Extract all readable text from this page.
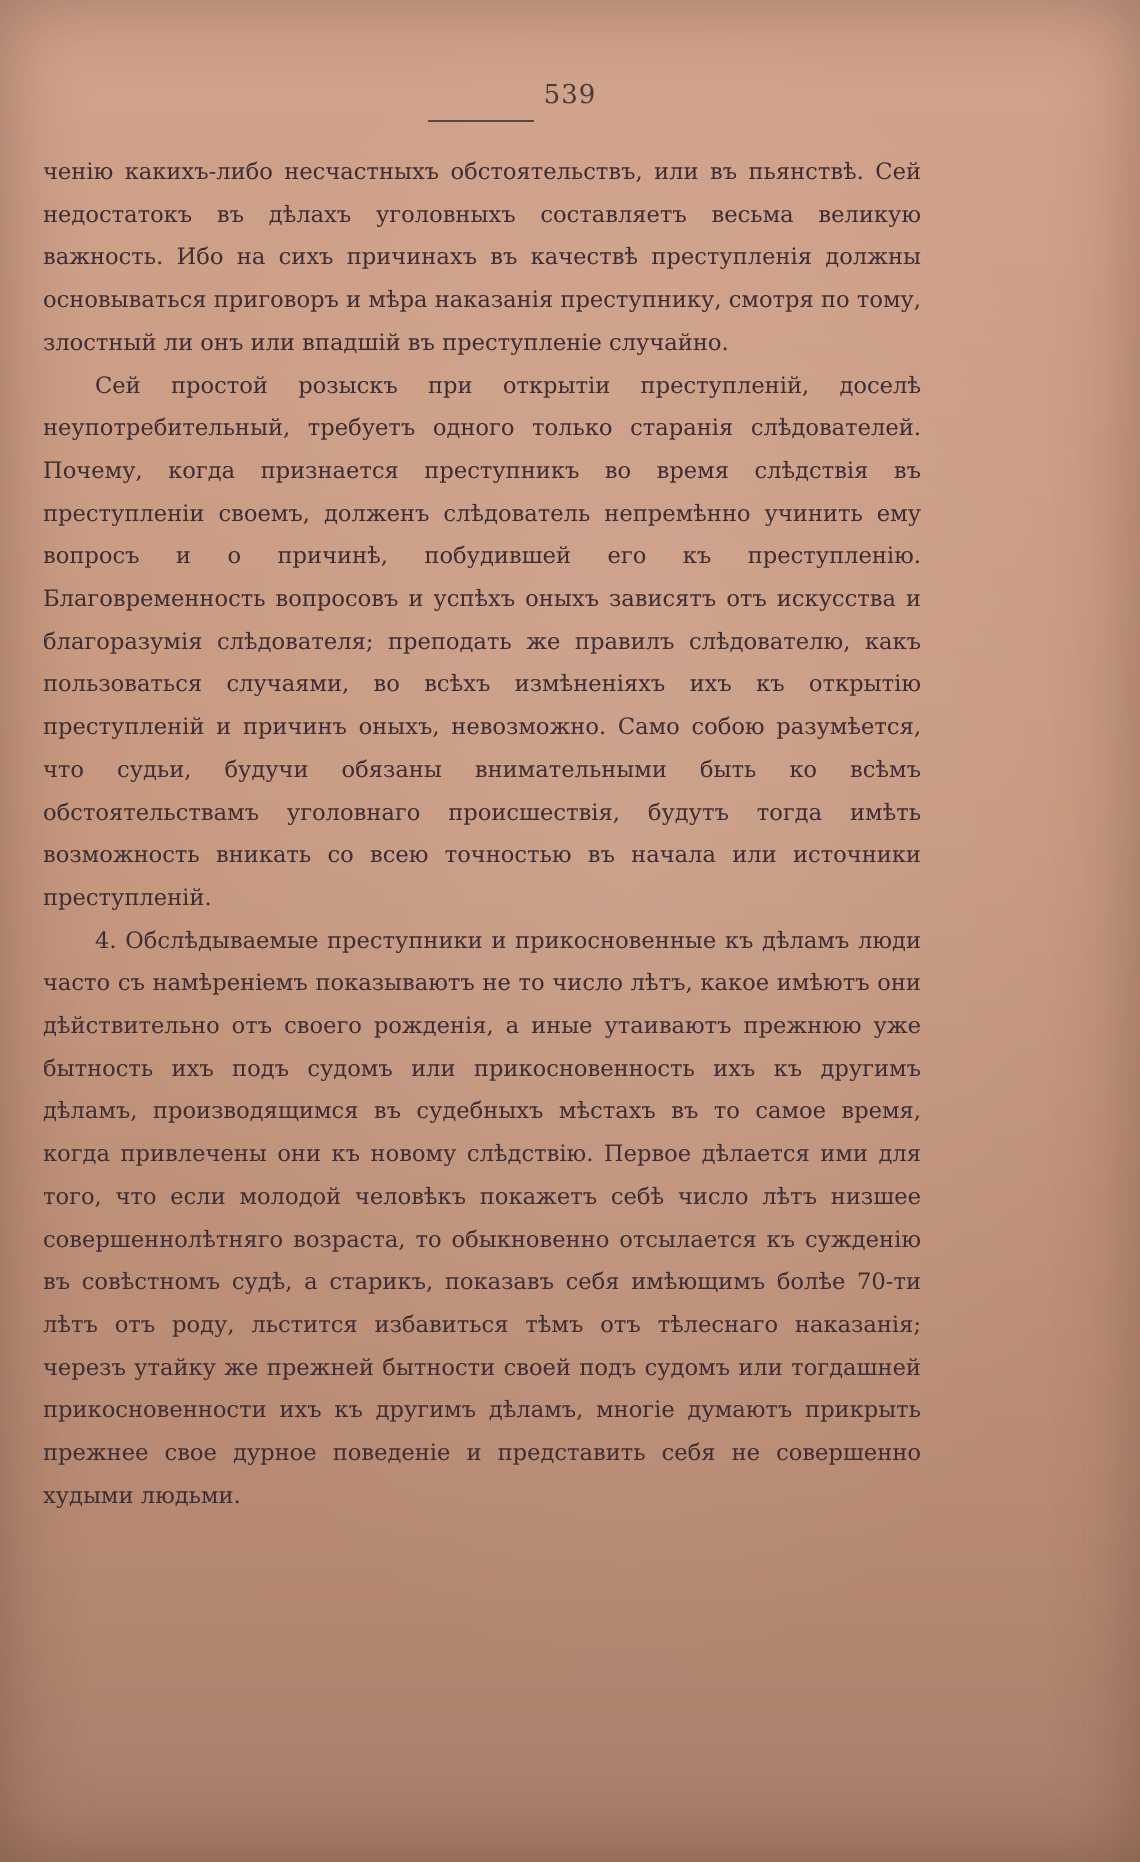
539

ченію какихъ-либо несчастныхъ обстоятельствъ, или въ пьянствѣ. Сей недостатокъ въ дѣлахъ уголовныхъ составляетъ весьма великую важность. Ибо на сихъ причинахъ въ качествѣ преступленія должны основываться приговоръ и мѣра наказанія преступнику, смотря по тому, злостный ли онъ или впадшій въ преступленіе случайно.

Сей простой розыскъ при открытіи преступленій, доселѣ неупотребительный, требуетъ одного только старанія слѣдователей. Почему, когда признается преступникъ во время слѣдствія въ преступленіи своемъ, долженъ слѣдователь непремѣнно учинить ему вопросъ и о причинѣ, побудившей его къ преступленію. Благовременность вопросовъ и успѣхъ оныхъ зависятъ отъ искусства и благоразумія слѣдователя; преподать же правилъ слѣдователю, какъ пользоваться случаями, во всѣхъ измѣненіяхъ ихъ къ открытію преступленій и причинъ оныхъ, невозможно. Само собою разумѣется, что судьи, будучи обязаны внимательными быть ко всѣмъ обстоятельствамъ уголовнаго происшествія, будутъ тогда имѣть возможность вникать со всею точностью въ начала или источники преступленій.

4. Обслѣдываемые преступники и прикосновенные къ дѣламъ люди часто съ намѣреніемъ показываютъ не то число лѣтъ, какое имѣютъ они дѣйствительно отъ своего рожденія, а иные утаиваютъ прежнюю уже бытность ихъ подъ судомъ или прикосновенность ихъ къ другимъ дѣламъ, производящимся въ судебныхъ мѣстахъ въ то самое время, когда привлечены они къ новому слѣдствію. Первое дѣлается ими для того, что если молодой человѣкъ покажетъ себѣ число лѣтъ низшее совершеннолѣтняго возраста, то обыкновенно отсылается къ сужденію въ совѣстномъ судѣ, а старикъ, показавъ себя имѣющимъ болѣе 70-ти лѣтъ отъ роду, льстится избавиться тѣмъ отъ тѣлеснаго наказанія; черезъ утайку же прежней бытности своей подъ судомъ или тогдашней прикосновенности ихъ къ другимъ дѣламъ, многіе думаютъ прикрыть прежнее свое дурное поведеніе и представить себя не совершенно худыми людьми.
